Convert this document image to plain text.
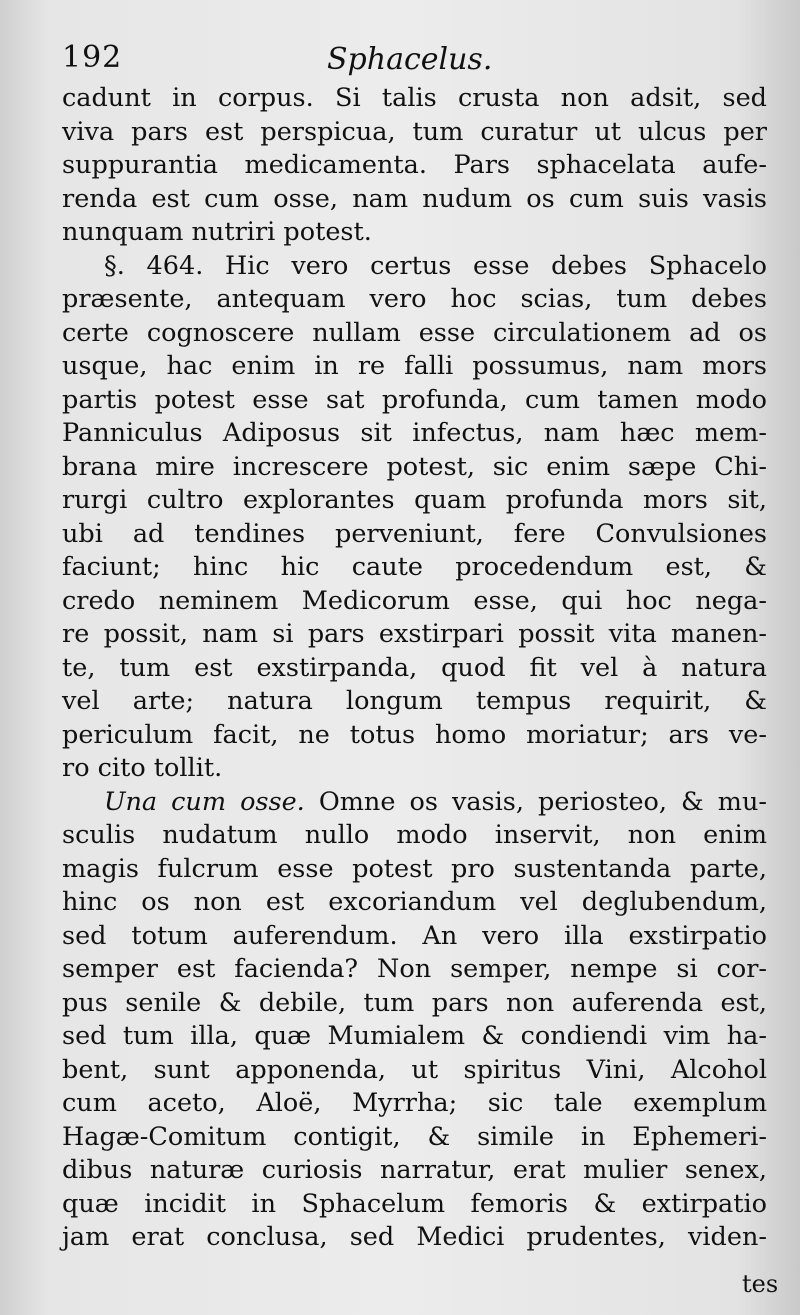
192	Sphacelus.
cadunt in corpus. Si talis crusta non adsit, sed
viva pars est perspicua, tum curatur ut ulcus per
suppurantia medicamenta. Pars sphacelata aufe-
renda est cum osse, nam nudum os cum suis vasis
nunquam nutriri potest.
§. 464. Hic vero certus esse debes Sphacelo
præsente, antequam vero hoc scias, tum debes
certe cognoscere nullam esse circulationem ad os
usque, hac enim in re falli possumus, nam mors
partis potest esse sat profunda, cum tamen modo
Panniculus Adiposus sit infectus, nam hæc mem-
brana mire increscere potest, sic enim sæpe Chi-
rurgi cultro explorantes quam profunda mors sit,
ubi ad tendines perveniunt, fere Convulsiones
faciunt; hinc hic caute procedendum est, &
credo neminem Medicorum esse, qui hoc nega-
re possit, nam si pars exstirpari possit vita manen-
te, tum est exstirpanda, quod fit vel à natura
vel arte; natura longum tempus requirit, &
periculum facit, ne totus homo moriatur; ars ve-
ro cito tollit.
Una cum osse. Omne os vasis, periosteo, & mu-
sculis nudatum nullo modo inservit, non enim
magis fulcrum esse potest pro sustentanda parte,
hinc os non est excoriandum vel deglubendum,
sed totum auferendum. An vero illa exstirpatio
semper est facienda? Non semper, nempe si cor-
pus senile & debile, tum pars non auferenda est,
sed tum illa, quæ Mumialem & condiendi vim ha-
bent, sunt apponenda, ut spiritus Vini, Alcohol
cum aceto, Aloë, Myrrha; sic tale exemplum
Hagæ-Comitum contigit, & simile in Ephemeri-
dibus naturæ curiosis narratur, erat mulier senex,
quæ incidit in Sphacelum femoris & extirpatio
jam erat conclusa, sed Medici prudentes, viden-
tes
